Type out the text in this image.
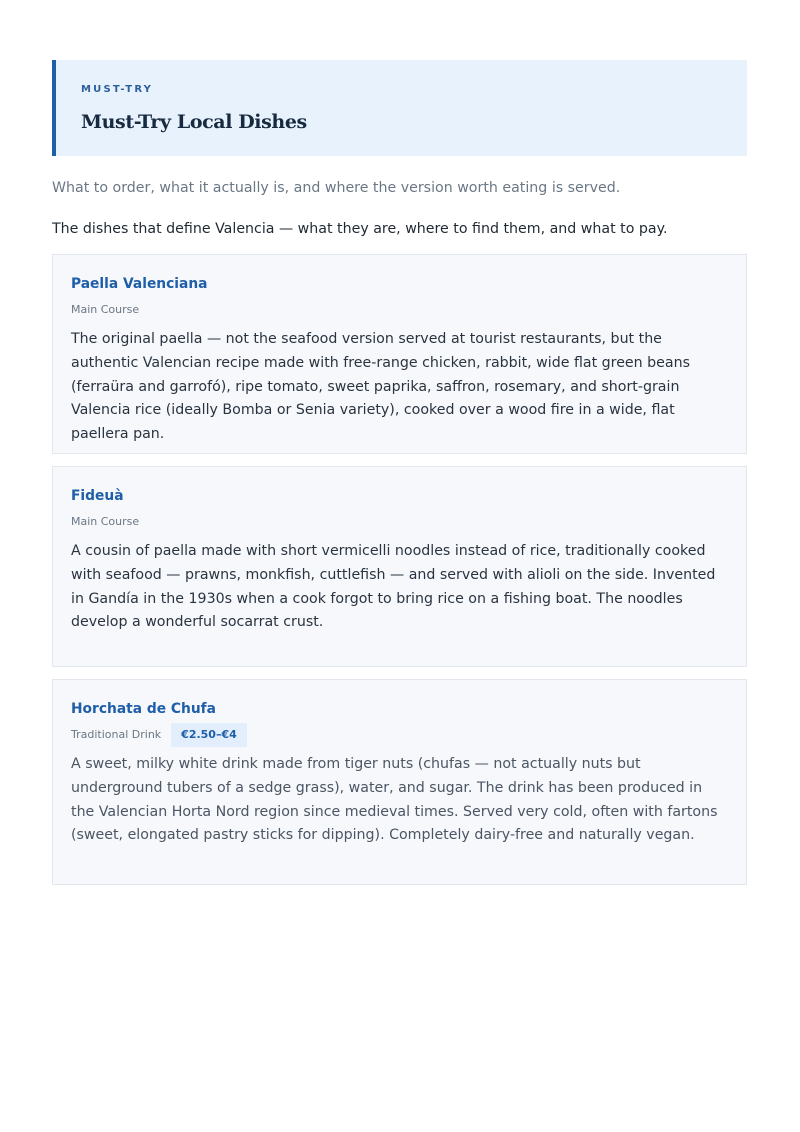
MUST-TRY

Must-Try Local Dishes

What to order, what it actually is, and where the version worth eating is served.

The dishes that define Valencia — what they are, where to find them, and what to pay.

Paella Valenciana
Main Course

The original paella — not the seafood version served at tourist restaurants, but the authentic Valencian recipe made with free-range chicken, rabbit, wide flat green beans (ferraüra and garrofó), ripe tomato, sweet paprika, saffron, rosemary, and short-grain Valencia rice (ideally Bomba or Senia variety), cooked over a wood fire in a wide, flat paellera pan.

Fideuà
Main Course

A cousin of paella made with short vermicelli noodles instead of rice, traditionally cooked with seafood — prawns, monkfish, cuttlefish — and served with alioli on the side. Invented in Gandía in the 1930s when a cook forgot to bring rice on a fishing boat. The noodles develop a wonderful socarrat crust.

Horchata de Chufa
Traditional Drink	€2.50–€4

A sweet, milky white drink made from tiger nuts (chufas — not actually nuts but underground tubers of a sedge grass), water, and sugar. The drink has been produced in the Valencian Horta Nord region since medieval times. Served very cold, often with fartons (sweet, elongated pastry sticks for dipping). Completely dairy-free and naturally vegan.
